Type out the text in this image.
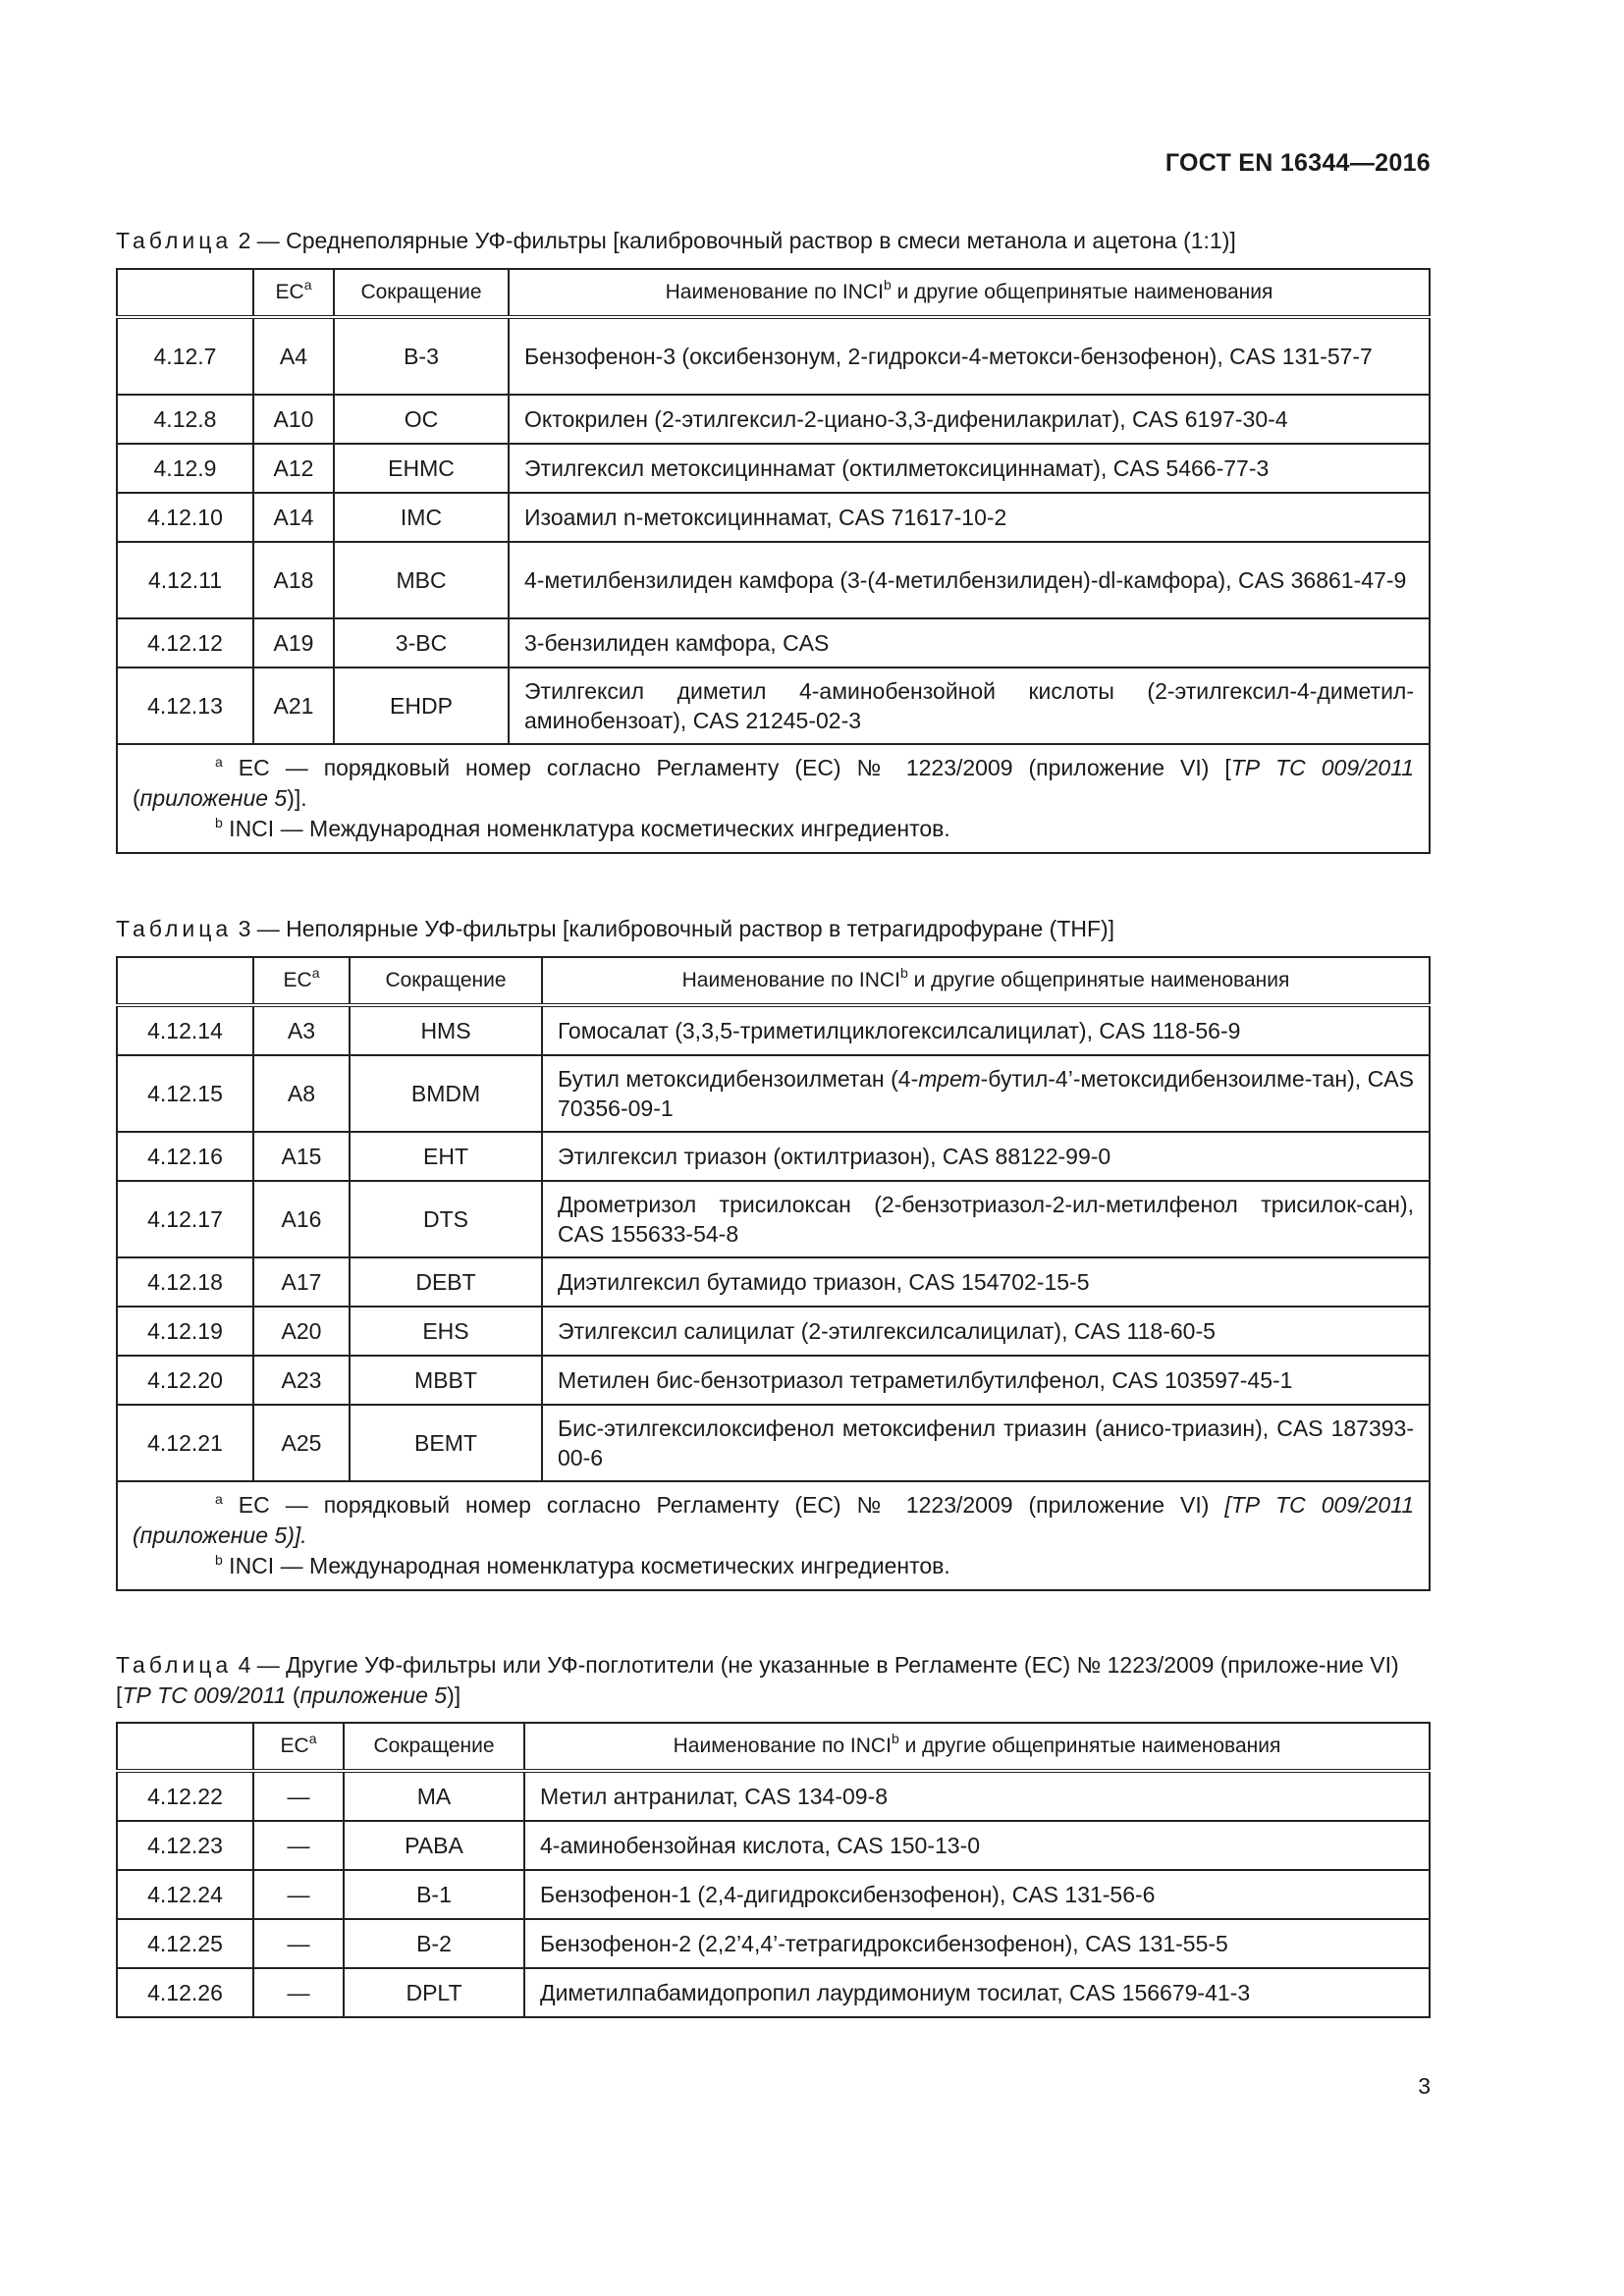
ГОСТ EN 16344—2016
Таблица 2 — Среднеполярные УФ-фильтры [калибровочный раствор в смеси метанола и ацетона (1:1)]
	$EC^a$	Сокращение	Наименование по INCI$^b$ и другие общепринятые наименования
4.12.7	A4	B-3	Бензофенон-3 (оксибензонум, 2-гидрокси-4-метокси-бензофенон), CAS 131-57-7
4.12.8	A10	OC	Октокрилен (2-этилгексил-2-циано-3,3-дифенилакрилат), CAS 6197-30-4
4.12.9	A12	EHMC	Этилгексил метоксициннамат (октилметоксициннамат), CAS 5466-77-3
4.12.10	A14	IMC	Изоамил n-метоксициннамат, CAS 71617-10-2
4.12.11	A18	MBC	4-метилбензилиден камфора (3-(4-метилбензилиден)-dl-камфора), CAS 36861-47-9
4.12.12	A19	3-BC	3-бензилиден камфора, CAS
4.12.13	A21	EHDP	Этилгексил диметил 4-аминобензойной кислоты (2-этилгексил-4-диметил-аминобензоат), CAS 21245-02-3

$^a$ EC — порядковый номер согласно Регламенту (EC) № 1223/2009 (приложение VI) [ТР ТС 009/2011 (приложение 5)].
$^b$ INCI — Международная номенклатура косметических ингредиентов.			
Таблица 3 — Неполярные УФ-фильтры [калибровочный раствор в тетрагидрофуране (THF)]
	$EC^a$	Сокращение	Наименование по INCI$^b$ и другие общепринятые наименования
4.12.14	A3	HMS	Гомосалат (3,3,5-триметилциклогексилсалицилат), CAS 118-56-9
4.12.15	A8	BMDM	Бутил метоксидибензоилметан (4-трет-бутил-4’-метоксидибензоилме-тан), CAS 70356-09-1
4.12.16	A15	EHT	Этилгексил триазон (октилтриазон), CAS 88122-99-0
4.12.17	A16	DTS	Дрометризол трисилоксан (2-бензотриазол-2-ил-метилфенол трисилок-сан), CAS 155633-54-8
4.12.18	A17	DEBT	Диэтилгексил бутамидо триазон, CAS 154702-15-5
4.12.19	A20	EHS	Этилгексил салицилат (2-этилгексилсалицилат), CAS 118-60-5
4.12.20	A23	MBBT	Метилен бис-бензотриазол тетраметилбутилфенол, CAS 103597-45-1
4.12.21	A25	BEMT	Бис-этилгексилоксифенол метоксифенил триазин (анисо-триазин), CAS 187393-00-6

$^a$ EC — порядковый номер согласно Регламенту (EC) № 1223/2009 (приложение VI) [ТР ТС 009/2011 (приложение 5)].
$^b$ INCI — Международная номенклатура косметических ингредиентов.			
Таблица 4 — Другие УФ-фильтры или УФ-поглотители (не указанные в Регламенте (EC) № 1223/2009 (приложе-ние VI) [ТР ТС 009/2011 (приложение 5)]
	$EC^a$	Сокращение	Наименование по INCI$^b$ и другие общепринятые наименования
4.12.22	—	MA	Метил антранилат, CAS 134-09-8
4.12.23	—	PABA	4-аминобензойная кислота, CAS 150-13-0
4.12.24	—	B-1	Бензофенон-1 (2,4-дигидроксибензофенон), CAS 131-56-6
4.12.25	—	B-2	Бензофенон-2 (2,2’4,4’-тетрагидроксибензофенон), CAS 131-55-5
4.12.26	—	DPLT	Диметилпабамидопропил лаурдимониум тосилат, CAS 156679-41-3
3
